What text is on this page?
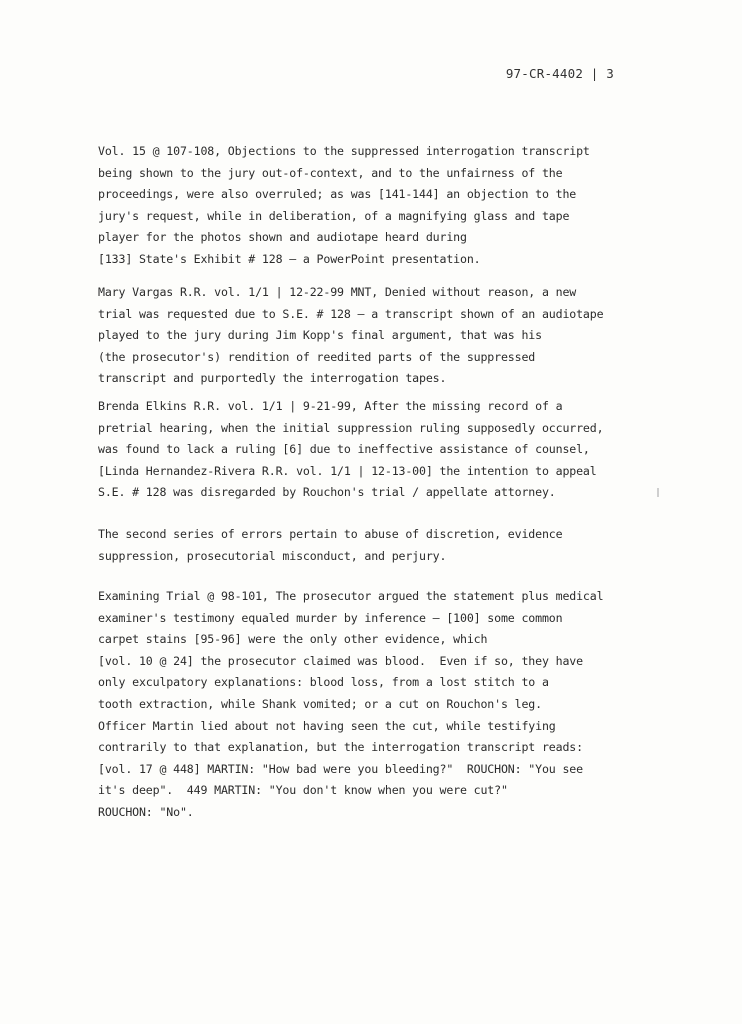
97-CR-4402 | 3
Vol. 15 @ 107-108, Objections to the suppressed interrogation transcript
being shown to the jury out-of-context, and to the unfairness of the
proceedings, were also overruled; as was [141-144] an objection to the
jury's request, while in deliberation, of a magnifying glass and tape
player for the photos shown and audiotape heard during
[133] State's Exhibit # 128 — a PowerPoint presentation.
Mary Vargas R.R. vol. 1/1 | 12-22-99 MNT, Denied without reason, a new
trial was requested due to S.E. # 128 — a transcript shown of an audiotape
played to the jury during Jim Kopp's final argument, that was his
(the prosecutor's) rendition of reedited parts of the suppressed
transcript and purportedly the interrogation tapes.
Brenda Elkins R.R. vol. 1/1 | 9-21-99, After the missing record of a
pretrial hearing, when the initial suppression ruling supposedly occurred,
was found to lack a ruling [6] due to ineffective assistance of counsel,
[Linda Hernandez-Rivera R.R. vol. 1/1 | 12-13-00] the intention to appeal
S.E. # 128 was disregarded by Rouchon's trial / appellate attorney.
The second series of errors pertain to abuse of discretion, evidence
suppression, prosecutorial misconduct, and perjury.
Examining Trial @ 98-101, The prosecutor argued the statement plus medical
examiner's testimony equaled murder by inference — [100] some common
carpet stains [95-96] were the only other evidence, which
[vol. 10 @ 24] the prosecutor claimed was blood.  Even if so, they have
only exculpatory explanations: blood loss, from a lost stitch to a
tooth extraction, while Shank vomited; or a cut on Rouchon's leg.
Officer Martin lied about not having seen the cut, while testifying
contrarily to that explanation, but the interrogation transcript reads:
[vol. 17 @ 448] MARTIN: "How bad were you bleeding?"  ROUCHON: "You see
it's deep".  449 MARTIN: "You don't know when you were cut?"
ROUCHON: "No".
